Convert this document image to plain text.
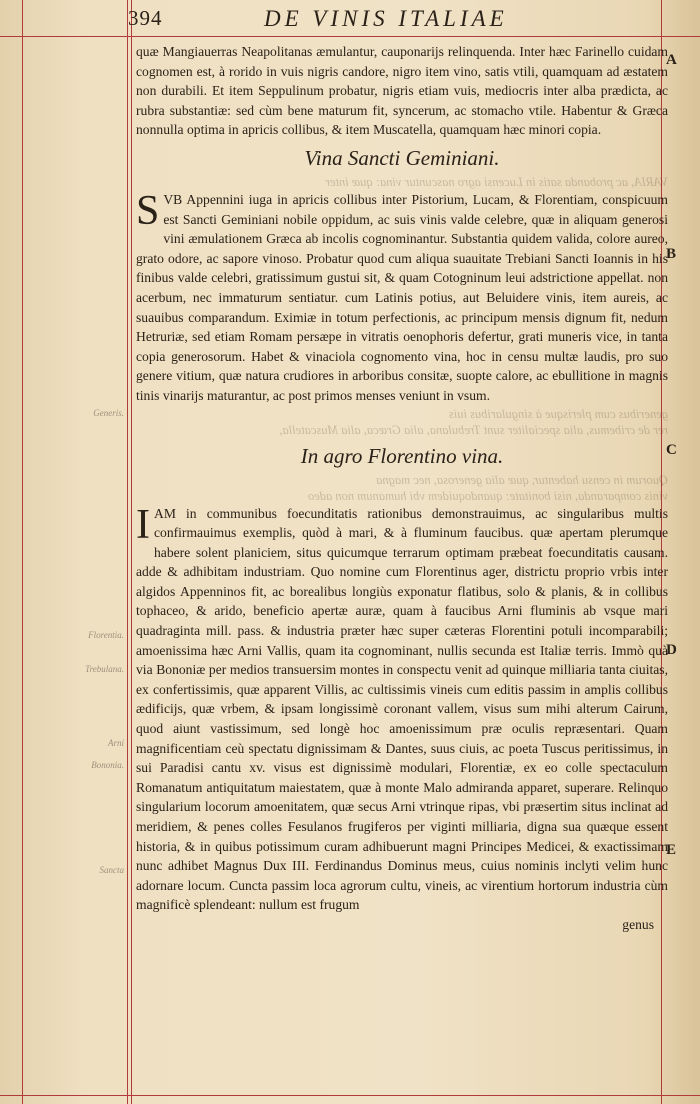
394	DE VINIS ITALIAE

quæ Mangiauerras Neapolitanas æmulantur, cauponarijs relinquenda. Inter hæc Farinello cuidam cognomen est, à rorido in vuis nigris candore, nigro item vino, satis vtili, quamquam ad æstatem non durabili. Et item Seppulinum probatur, nigris etiam vuis, mediocris inter alba prædicta, ac rubra substantiæ: sed cùm bene maturum fit, syncerum, ac stomacho vtile. Habentur & Græca nonnulla optima in apricis collibus, & item Muscatella, quamquam hæc minori copia.

Vina Sancti Geminiani.

VARIA, ac probanda satis in Lucensi agro nascuntur vina: quæ inter

S VB Appennini iuga in apricis collibus inter Pistorium, Lucam, & Florentiam, conspicuum est Sancti Geminiani nobile oppidum, ac suis vinis valde celebre, quæ in aliquam generosi vini æmulationem Græca ab incolis cognominantur. Substantia quidem valida, colore aureo, grato odore, ac sapore vinoso. Probatur quod cum aliqua suauitate Trebiani Sancti Ioannis in his finibus valde celebri, gratissimum gustui sit, & quam Cotogninum leui adstrictione appellat. non acerbum, nec immaturum sentiatur. cum Latinis potius, aut Beluidere vinis, item aureis, ac suauibus comparandum. Eximiæ in totum perfectionis, ac principum mensis dignum fit, nedum Hetruriæ, sed etiam Romam persæpe in vitratis oenophoris defertur, grati muneris vice, in tanta copia generosorum. Habet & vinaciola cognomento vina, hoc in censu multæ laudis, pro suo genere vitium, quæ natura crudiores in arboribus consitæ, suopte calore, ac ebullitione in magnis tinis vinarijs maturantur, ac post primos menses veniunt in vsum.

generibus cum plerisque à singularibus iuis

rer de cribemus, alia specialiter sunt Trebulana, alia Græca, alia Muscatella,

In agro Florentino vina.

Quorum in censu habentur, quæ alia generosa, nec magna

vinis comparanda, nisi bonitate: quandoquidem vbi humanum non adeo

I AM in communibus foecunditatis rationibus demonstrauimus, ac singularibus multis confirmauimus exemplis, quòd à mari, & à fluminum faucibus. quæ apertam plerumque habere solent planiciem, situs quicumque terrarum optimam præbeat foecunditatis causam. adde & adhibitam industriam. Quo nomine cum Florentinus ager, districtu proprio vrbis inter algidos Appenninos fit, ac borealibus longiùs exponatur flatibus, solo & planis, & in collibus tophaceo, & arido, beneficio apertæ auræ, quam à faucibus Arni fluminis ab vsque mari quadraginta mill. pass. & industria præter hæc super cæteras Florentini potuli incomparabili; amoenissima hæc Arni Vallis, quam ita cognominant, nullis secunda est Italiæ terris. Immò quà via Bononiæ per medios transuersim montes in conspectu venit ad quinque milliaria tanta ciuitas, ex confertissimis, quæ apparent Villis, ac cultissimis vineis cum editis passim in amplis collibus ædificijs, quæ vrbem, & ipsam longissimè coronant vallem, visus sum mihi alterum Cairum, quod aiunt vastissimum, sed longè hoc amoenissimum præ oculis repræsentari. Quam magnificentiam ceù spectatu dignissimam & Dantes, suus ciuis, ac poeta Tuscus peritissimus, in sui Paradisi cantu xv. visus est dignissimè modulari, Florentiæ, ex eo colle spectaculum Romanatum antiquitatum maiestatem, quæ à monte Malo admiranda apparet, superare. Relinquo singularium locorum amoenitatem, quæ secus Arni vtrinque ripas, vbi præsertim situs inclinat ad meridiem, & penes colles Fesulanos frugiferos per viginti milliaria, digna sua quæque essent historia, & in quibus potissimum curam adhibuerunt magni Principes Medicei, & exactissimam nunc adhibet Magnus Dux III. Ferdinandus Dominus meus, cuius nominis inclyti velim hunc adornare locum. Cuncta passim loca agrorum cultu, vineis, ac virentium hortorum industria cùm magnificè splendeant: nullum est frugum

genus
A
B
C
D
E
Generis.
Florentia.
Trebulana.
Arni
Bononia.
Sancta
